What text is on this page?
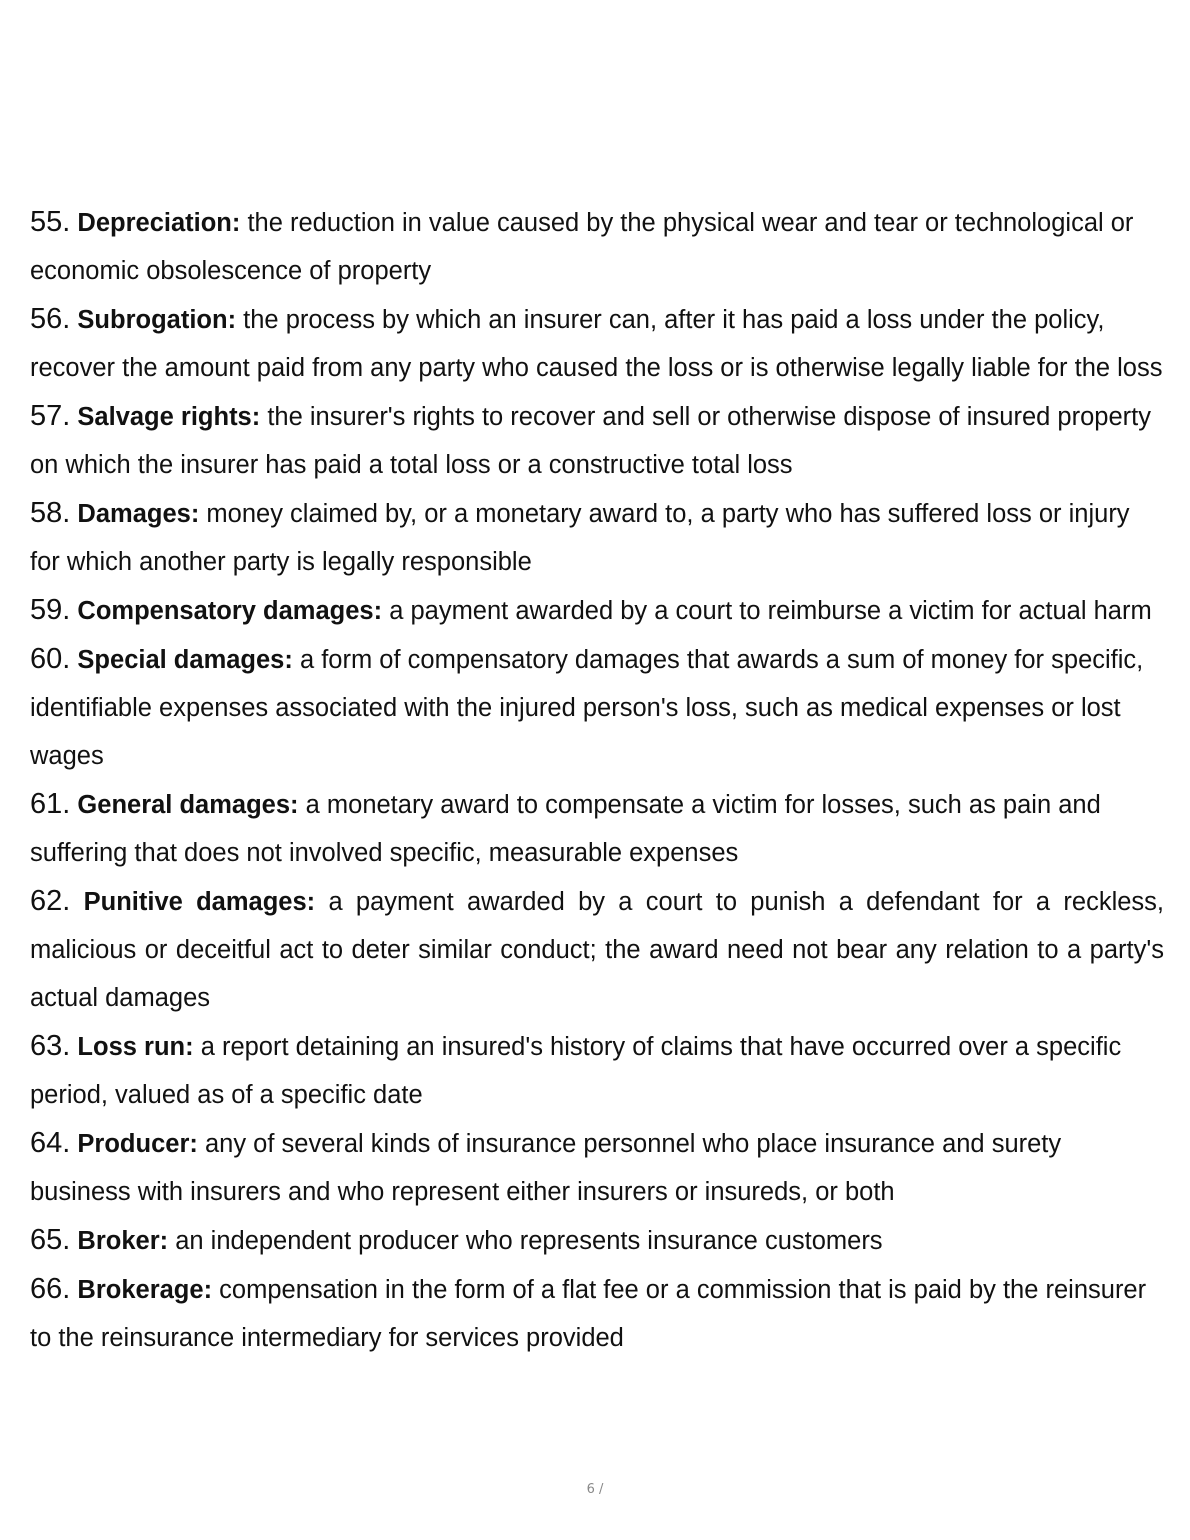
55. Depreciation: the reduction in value caused by the physical wear and tear or technological or economic obsolescence of property

56. Subrogation: the process by which an insurer can, after it has paid a loss under the policy, recover the amount paid from any party who caused the loss or is otherwise legally liable for the loss

57. Salvage rights: the insurer's rights to recover and sell or otherwise dispose of insured property on which the insurer has paid a total loss or a constructive total loss

58. Damages: money claimed by, or a monetary award to, a party who has suffered loss or injury for which another party is legally responsible

59. Compensatory damages: a payment awarded by a court to reimburse a victim for actual harm

60. Special damages: a form of compensatory damages that awards a sum of money for specific, identifiable expenses associated with the injured person's loss, such as medical expenses or lost wages

61. General damages: a monetary award to compensate a victim for losses, such as pain and suffering that does not involved specific, measurable expenses

62. Punitive damages: a payment awarded by a court to punish a defendant for a reckless, malicious or deceitful act to deter similar conduct; the award need not bear any relation to a party's actual damages

63. Loss run: a report detaining an insured's history of claims that have occurred over a specific period, valued as of a specific date

64. Producer: any of several kinds of insurance personnel who place insurance and surety business with insurers and who represent either insurers or insureds, or both

65. Broker: an independent producer who represents insurance customers

66. Brokerage: compensation in the form of a flat fee or a commission that is paid by the reinsurer to the reinsurance intermediary for services provided

6 /
